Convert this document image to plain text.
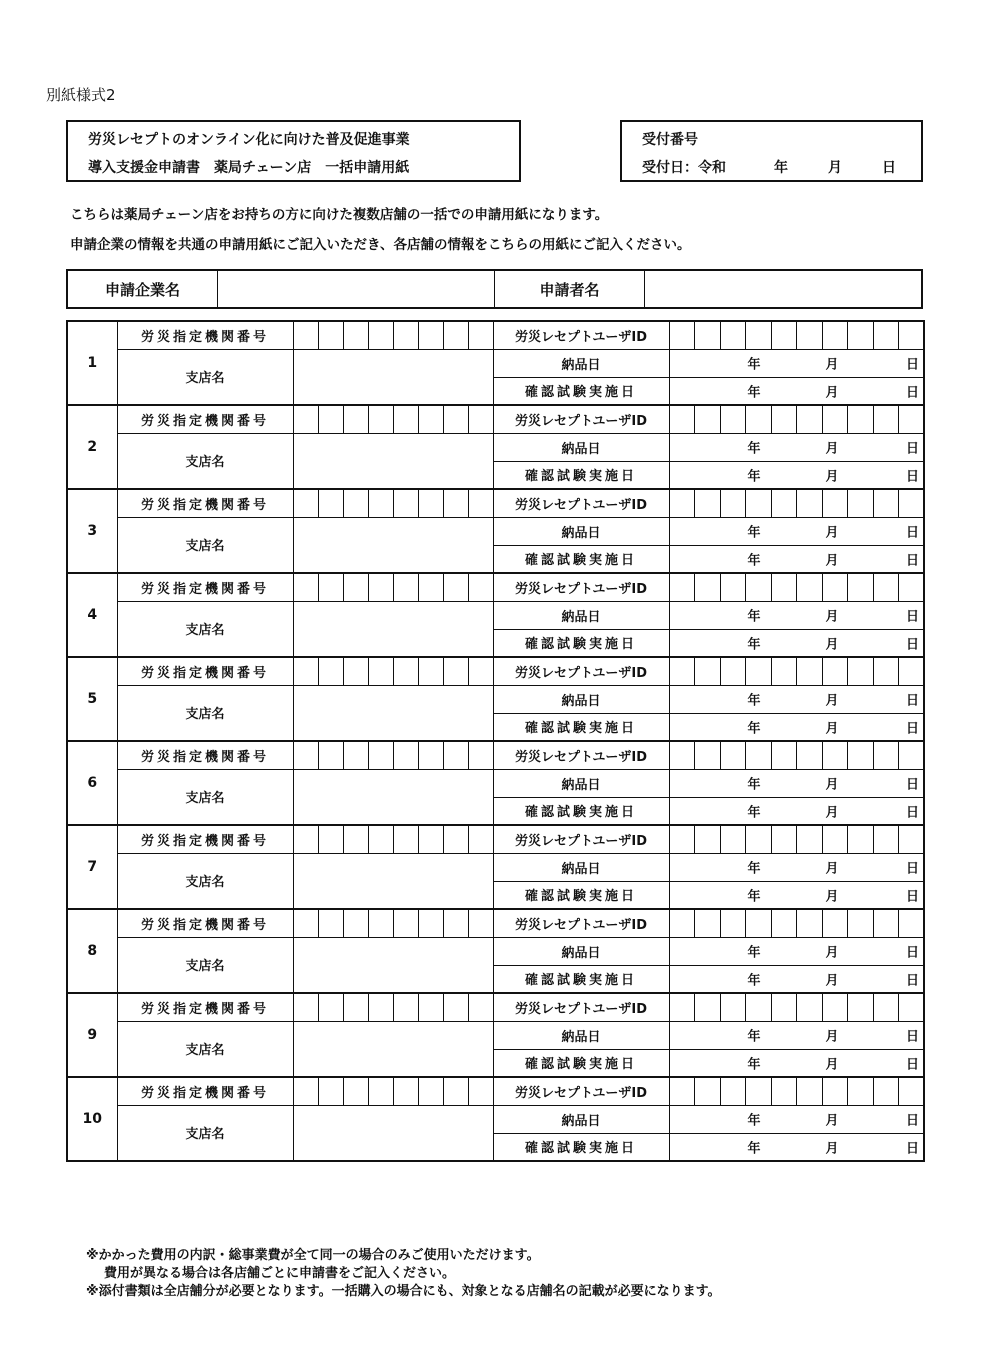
別紙様式2
労災レセプトのオンライン化に向けた普及促進事業
導入支援金申請書　薬局チェーン店　一括申請用紙
受付番号
受付日：令和	年	月	日
こちらは薬局チェーン店をお持ちの方に向けた複数店舗の一括での申請用紙になります。
申請企業の情報を共通の申請用紙にご記入いただき、各店舗の情報をこちらの用紙にご記入ください。
申請企業名	申請者名
1	労災指定機関番号									労災レセプトユーザID										
	支店名									納品日	年 月 日									

										確認試験実施日	年 月 日									

2	労災指定機関番号									労災レセプトユーザID										
	支店名									納品日	年 月 日									

										確認試験実施日	年 月 日									

3	労災指定機関番号									労災レセプトユーザID										
	支店名									納品日	年 月 日									

										確認試験実施日	年 月 日									

4	労災指定機関番号									労災レセプトユーザID										
	支店名									納品日	年 月 日									

										確認試験実施日	年 月 日									

5	労災指定機関番号									労災レセプトユーザID										
	支店名									納品日	年 月 日									

										確認試験実施日	年 月 日									

6	労災指定機関番号									労災レセプトユーザID										
	支店名									納品日	年 月 日									

										確認試験実施日	年 月 日									

7	労災指定機関番号									労災レセプトユーザID										
	支店名									納品日	年 月 日									

										確認試験実施日	年 月 日									

8	労災指定機関番号									労災レセプトユーザID										
	支店名									納品日	年 月 日									

										確認試験実施日	年 月 日									

9	労災指定機関番号									労災レセプトユーザID										
	支店名									納品日	年 月 日									

										確認試験実施日	年 月 日									

10	労災指定機関番号									労災レセプトユーザID										
	支店名									納品日	年 月 日									

										確認試験実施日	年 月 日									
※かかった費用の内訳・総事業費が全て同一の場合のみご使用いただけます。
費用が異なる場合は各店舗ごとに申請書をご記入ください。
※添付書類は全店舗分が必要となります。一括購入の場合にも、対象となる店舗名の記載が必要になります。
